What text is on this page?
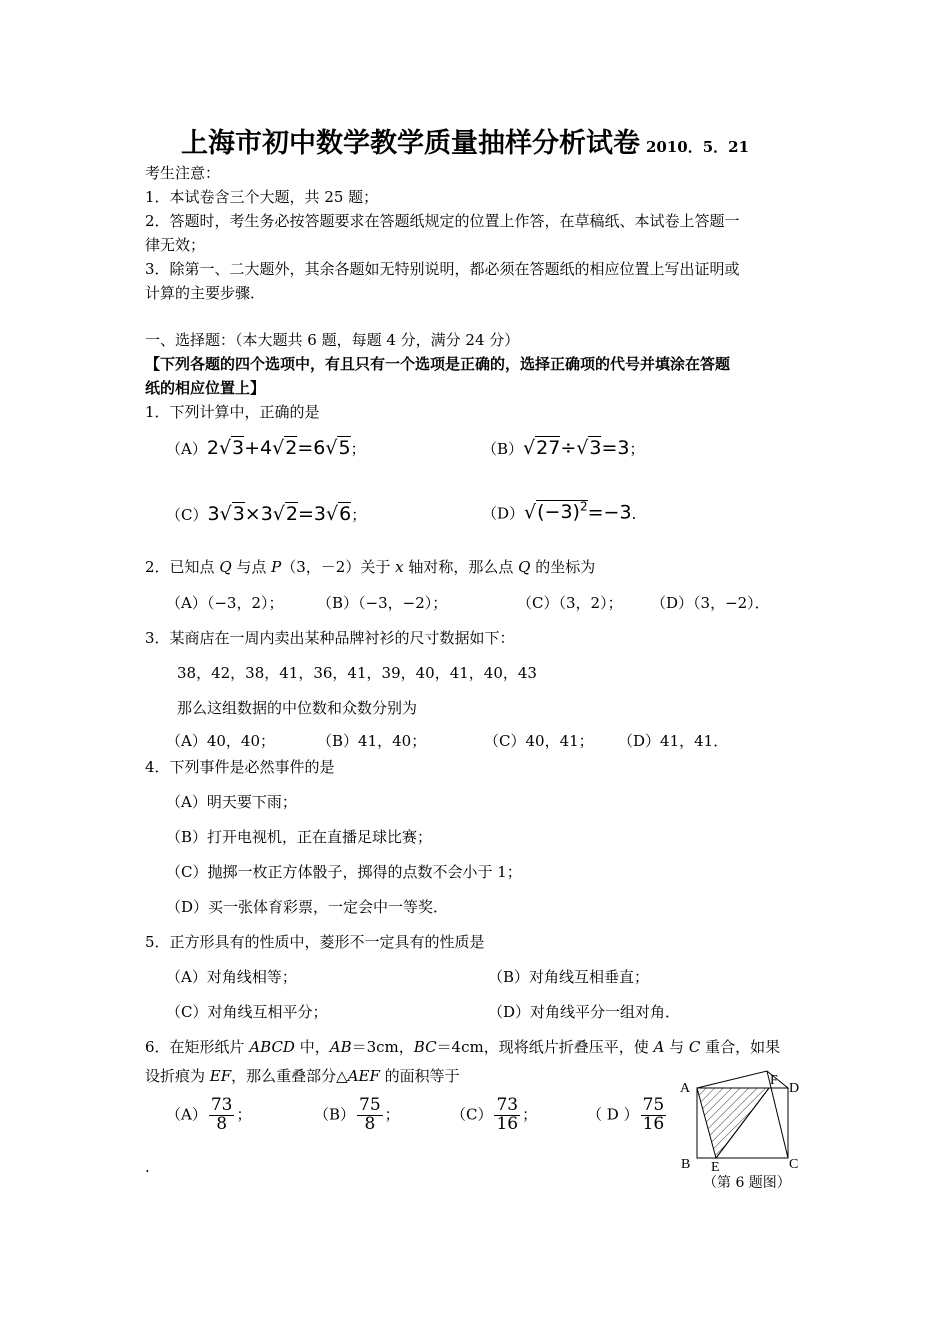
上海市初中数学教学质量抽样分析试卷 2010．5．21
考生注意：
1．本试卷含三个大题，共 25 题；
2．答题时，考生务必按答题要求在答题纸规定的位置上作答，在草稿纸、本试卷上答题一
律无效；
3．除第一、二大题外，其余各题如无特别说明，都必须在答题纸的相应位置上写出证明或
计算的主要步骤．
一、选择题：（本大题共 6 题，每题 4 分，满分 24 分）
【下列各题的四个选项中，有且只有一个选项是正确的，选择正确项的代号并填涂在答题
纸的相应位置上】
1．下列计算中，正确的是
（A）2√3+4√2=6√5；	（B）√27÷√3=3；
（C）3√3×3√2=3√6；	$(D)√(-3)^2=-3$．
2．已知点 Q 与点 P（3，－2）关于 x 轴对称，那么点 Q 的坐标为
（A）（−3，2）； （B）（−3，−2）；	（C）（3，2）； （D）（3，−2）．
3．某商店在一周内卖出某种品牌衬衫的尺寸数据如下：
38，42，38，41，36，41，39，40，41，40，43
那么这组数据的中位数和众数分别为
（A）40，40；	（B）41，40；	（C）40，41； （D）41，41．
4．下列事件是必然事件的是
（A）明天要下雨；
（B）打开电视机，正在直播足球比赛；
（C）抛掷一枚正方体骰子，掷得的点数不会小于 1；
（D）买一张体育彩票，一定会中一等奖．
5．正方形具有的性质中，菱形不一定具有的性质是
（A）对角线相等；	（B）对角线互相垂直；
（C）对角线互相平分；	（D）对角线平分一组对角．
6．在矩形纸片 ABCD 中，AB＝3cm，BC＝4cm，现将纸片折叠压平，使 A 与 C 重合，如果
设折痕为 EF，那么重叠部分△AEF 的面积等于
$(A) \frac{73}{8}$ ；	$(B) \frac{75}{8}$ ；	$(C) \frac{73}{16}$ ；	（ D ） $\frac{75}{16}$
.
A
B	C
D
E
F
（第 6 题图）
